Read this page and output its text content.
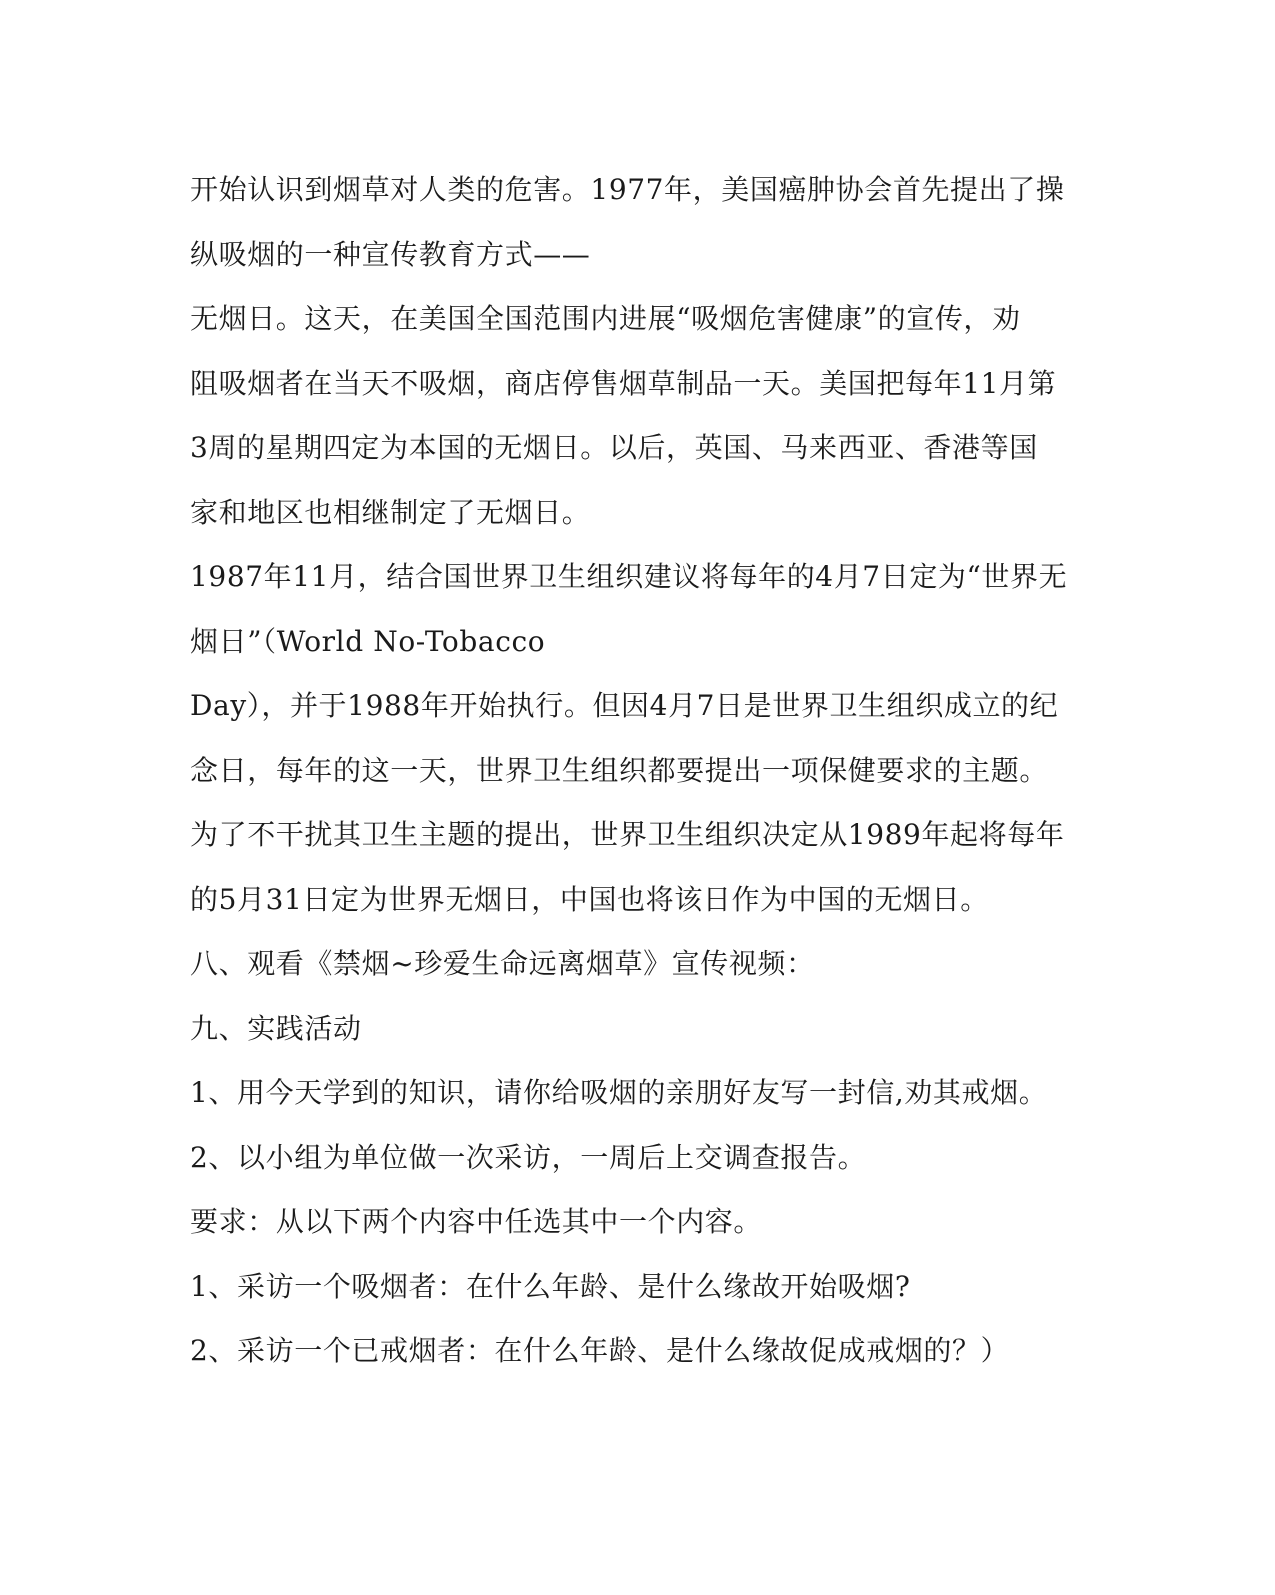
开始认识到烟草对人类的危害。1977年，美国癌肿协会首先提出了操
纵吸烟的一种宣传教育方式——
无烟日。这天，在美国全国范围内进展“吸烟危害健康”的宣传，劝
阻吸烟者在当天不吸烟，商店停售烟草制品一天。美国把每年11月第
3周的星期四定为本国的无烟日。以后，英国、马来西亚、香港等国
家和地区也相继制定了无烟日。
1987年11月，结合国世界卫生组织建议将每年的4月7日定为“世界无
烟日”（World No-Tobacco
Day），并于1988年开始执行。但因4月7日是世界卫生组织成立的纪
念日，每年的这一天，世界卫生组织都要提出一项保健要求的主题。
为了不干扰其卫生主题的提出，世界卫生组织决定从1989年起将每年
的5月31日定为世界无烟日，中国也将该日作为中国的无烟日。
八、观看《禁烟~珍爱生命远离烟草》宣传视频：
九、实践活动
1、用今天学到的知识，请你给吸烟的亲朋好友写一封信,劝其戒烟。
2、以小组为单位做一次采访，一周后上交调查报告。
要求：从以下两个内容中任选其中一个内容。
1、采访一个吸烟者：在什么年龄、是什么缘故开始吸烟?
2、采访一个已戒烟者：在什么年龄、是什么缘故促成戒烟的？）
